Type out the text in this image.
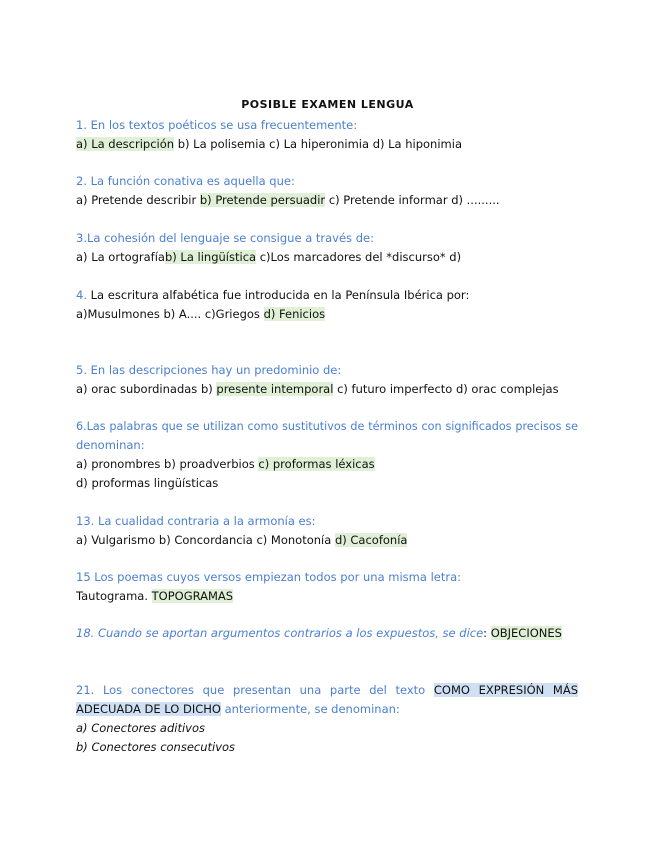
POSIBLE EXAMEN LENGUA
1. En los textos poéticos se usa frecuentemente:
a) La descripción b) La polisemia c) La hiperonimia d) La hiponimia
2. La función conativa es aquella que:
a) Pretende describir b) Pretende persuadir c) Pretende informar d) .........
3.La cohesión del lenguaje se consigue a través de:
a) La ortografíab) La lingüística c)Los marcadores del *discurso* d)
4. La escritura alfabética fue introducida en la Península Ibérica por:
a)Musulmones b) A.... c)Griegos d) Fenicios
5. En las descripciones hay un predominio de:
a) orac subordinadas b) presente intemporal c) futuro imperfecto d) orac complejas
6.Las palabras que se utilizan como sustitutivos de términos con significados precisos se
denominan:
a) pronombres b) proadverbios c) proformas léxicas
d) proformas lingüísticas
13. La cualidad contraria a la armonía es:
a) Vulgarismo b) Concordancia c) Monotonía d) Cacofonía
15 Los poemas cuyos versos empiezan todos por una misma letra:
Tautograma. TOPOGRAMAS
18. Cuando se aportan argumentos contrarios a los expuestos, se dice: OBJECIONES
21. Los conectores que presentan una parte del texto COMO EXPRESIÓN MÁS
ADECUADA DE LO DICHO anteriormente, se denominan:
a) Conectores aditivos
b) Conectores consecutivos
